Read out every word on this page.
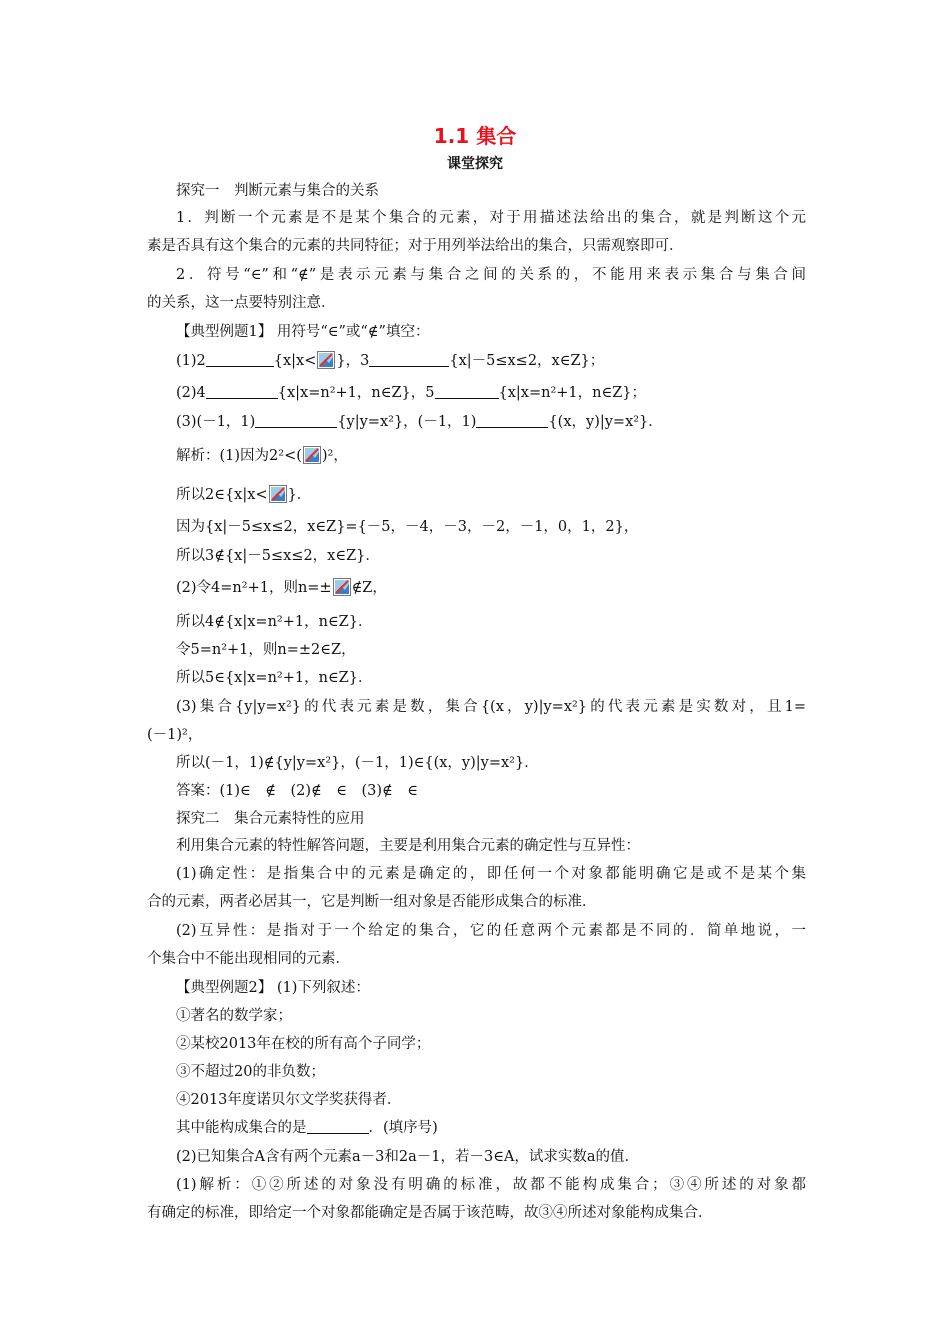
1.1 集合
课堂探究
探究一　判断元素与集合的关系
1．判断一个元素是不是某个集合的元素，对于用描述法给出的集合，就是判断这个元
素是否具有这个集合的元素的共同特征；对于用列举法给出的集合，只需观察即可．
2．符号“∈”和“∉”是表示元素与集合之间的关系的，不能用来表示集合与集合间
的关系，这一点要特别注意．
【典型例题1】 用符号“∈”或“∉”填空：
(1)2	{x|x< }，3	{x|－5≤x≤2，x∈Z}；
(2)4	{x|x=n²+1，n∈Z}，5	{x|x=n²+1，n∈Z}；
(3)(－1，1)	{y|y=x²}，(－1，1)	{(x，y)|y=x²}．
解析：(1)因为2²<( )²，
所以2∈{x|x< }．
因为{x|－5≤x≤2，x∈Z}={－5，－4，－3，－2，－1，0，1，2}，
所以3∉{x|－5≤x≤2，x∈Z}．
(2)令4=n²+1，则n=± ∉Z，
所以4∉{x|x=n²+1，n∈Z}．
令5=n²+1，则n=±2∈Z，
所以5∈{x|x=n²+1，n∈Z}．
(3)集合{y|y=x²}的代表元素是数，集合{(x，y)|y=x²}的代表元素是实数对，且1=
(－1)²，
所以(－1，1)∉{y|y=x²}，(－1，1)∈{(x，y)|y=x²}．
答案：(1)∈　∉　(2)∉　∈　(3)∉　∈
探究二　集合元素特性的应用
利用集合元素的特性解答问题，主要是利用集合元素的确定性与互异性：
(1)确定性：是指集合中的元素是确定的，即任何一个对象都能明确它是或不是某个集
合的元素，两者必居其一，它是判断一组对象是否能形成集合的标准．
(2)互异性：是指对于一个给定的集合，它的任意两个元素都是不同的．简单地说，一
个集合中不能出现相同的元素．
【典型例题2】 (1)下列叙述：
①著名的数学家；
②某校2013年在校的所有高个子同学；
③不超过20的非负数；
④2013年度诺贝尔文学奖获得者．
其中能构成集合的是	．(填序号)
(2)已知集合A含有两个元素a－3和2a－1，若－3∈A，试求实数a的值．
(1)解析：①②所述的对象没有明确的标准，故都不能构成集合；③④所述的对象都
有确定的标准，即给定一个对象都能确定是否属于该范畴，故③④所述对象能构成集合．
